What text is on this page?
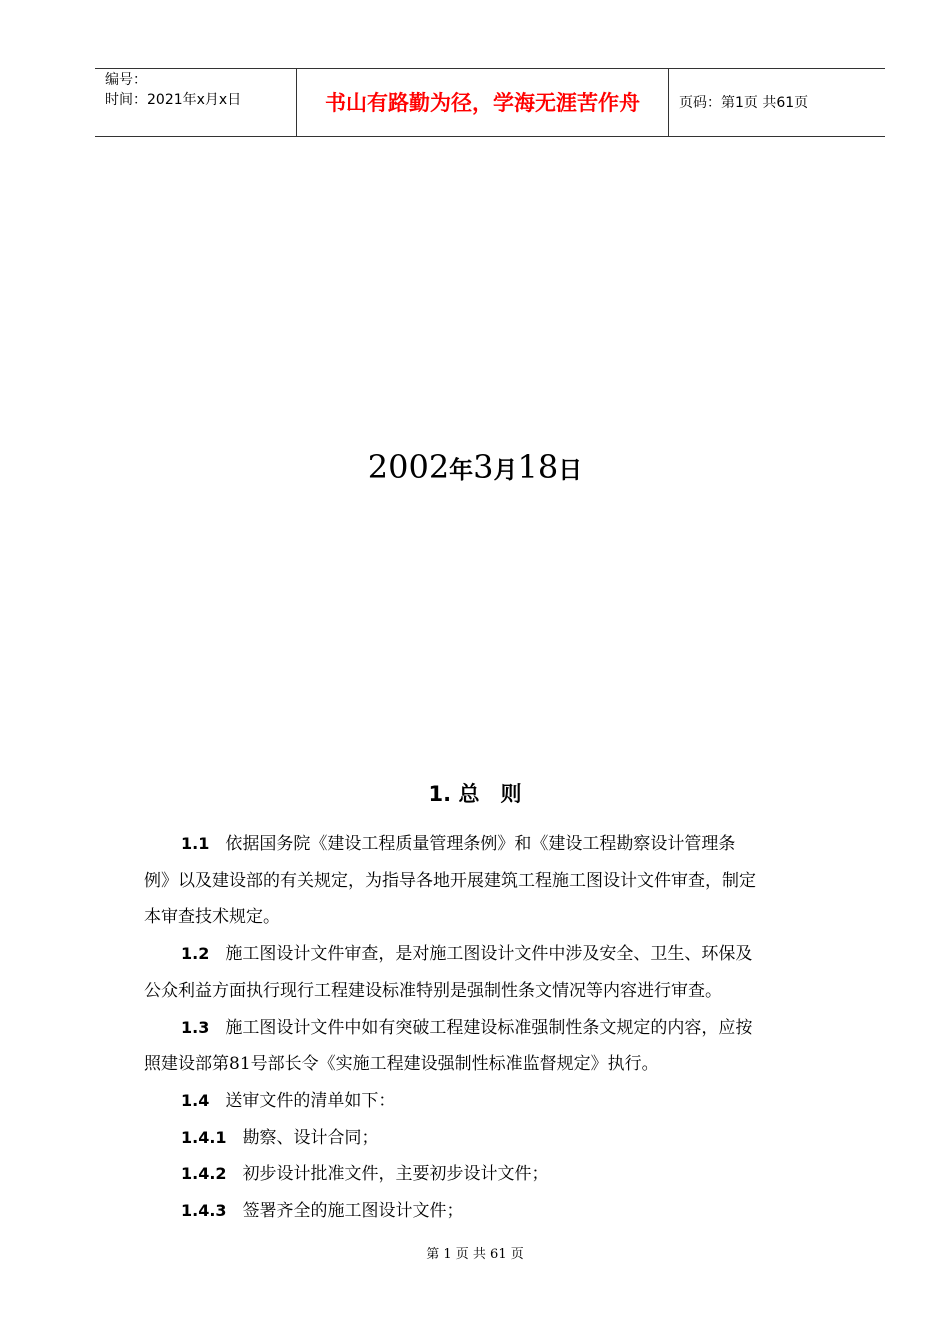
编号：
时间：2021年x月x日	书山有路勤为径，学海无涯苦作舟	页码：第1页 共61页
2002年3月18日
1. 总　则
1.1 依据国务院《建设工程质量管理条例》和《建设工程勘察设计管理条
例》以及建设部的有关规定，为指导各地开展建筑工程施工图设计文件审查，制定
本审查技术规定。
1.2 施工图设计文件审查，是对施工图设计文件中涉及安全、卫生、环保及
公众利益方面执行现行工程建设标准特别是强制性条文情况等内容进行审查。
1.3 施工图设计文件中如有突破工程建设标准强制性条文规定的内容，应按
照建设部第81号部长令《实施工程建设强制性标准监督规定》执行。
1.4 送审文件的清单如下：
1.4.1 勘察、设计合同；
1.4.2 初步设计批准文件，主要初步设计文件；
1.4.3 签署齐全的施工图设计文件；
第 1 页 共 61 页
